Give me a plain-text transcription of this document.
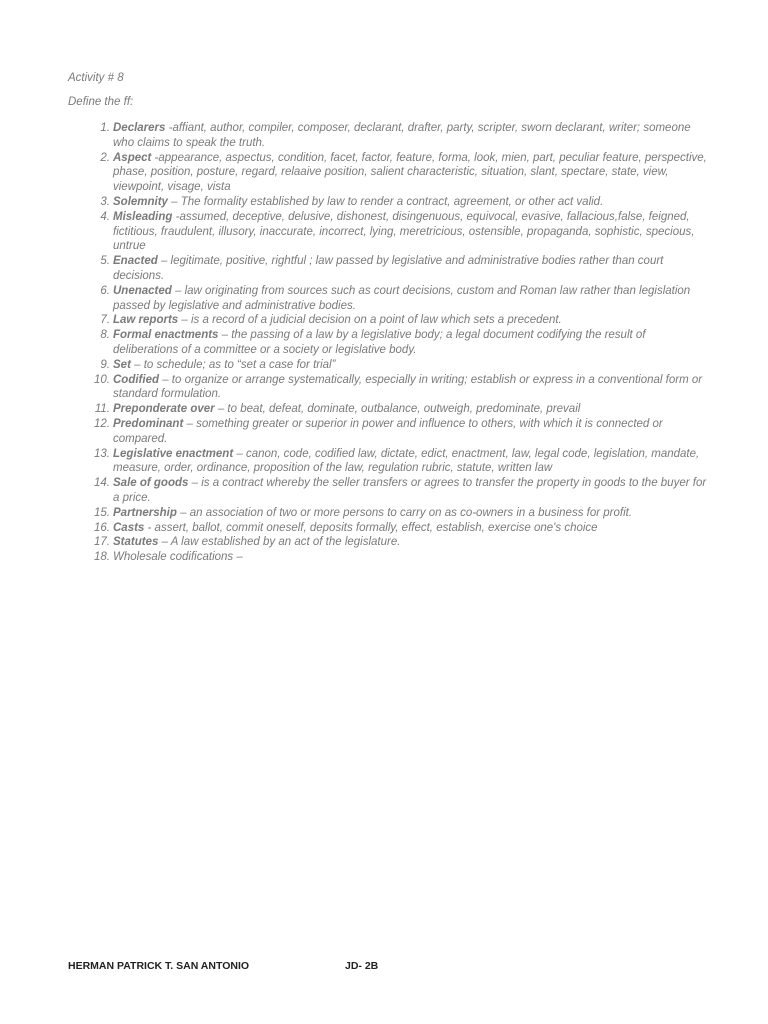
Activity # 8

Define the ff:

1. Declarers -affiant, author, compiler, composer, declarant, drafter, party, scripter, sworn declarant, writer; someone who claims to speak the truth.
2. Aspect -appearance, aspectus, condition, facet, factor, feature, forma, look, mien, part, peculiar feature, perspective, phase, position, posture, regard, relaaive position, salient characteristic, situation, slant, spectare, state, view, viewpoint, visage, vista
3. Solemnity – The formality established by law to render a contract, agreement, or other act valid.
4. Misleading -assumed, deceptive, delusive, dishonest, disingenuous, equivocal, evasive, fallacious,false, feigned, fictitious, fraudulent, illusory, inaccurate, incorrect, lying, meretricious, ostensible, propaganda, sophistic, specious, untrue
5. Enacted – legitimate, positive, rightful ; law passed by legislative and administrative bodies rather than court decisions.
6. Unenacted – law originating from sources such as court decisions, custom and Roman law rather than legislation passed by legislative and administrative bodies.
7. Law reports – is a record of a judicial decision on a point of law which sets a precedent.
8. Formal enactments – the passing of a law by a legislative body; a legal document codifying the result of deliberations of a committee or a society or legislative body.
9. Set – to schedule; as to “set a case for trial”
10. Codified – to organize or arrange systematically, especially in writing; establish or express in a conventional form or standard formulation.
11. Preponderate over – to beat, defeat, dominate, outbalance, outweigh, predominate, prevail
12. Predominant – something greater or superior in power and influence to others, with which it is connected or compared.
13. Legislative enactment – canon, code, codified law, dictate, edict, enactment, law, legal code, legislation, mandate, measure, order, ordinance, proposition of the law, regulation rubric, statute, written law
14. Sale of goods – is a contract whereby the seller transfers or agrees to transfer the property in goods to the buyer for a price.
15. Partnership – an association of two or more persons to carry on as co-owners in a business for profit.
16. Casts - assert, ballot, commit oneself, deposits formally, effect, establish, exercise one's choice
17. Statutes – A law established by an act of the legislature.
18. Wholesale codifications –
HERMAN PATRICK T. SAN ANTONIO	JD- 2B
